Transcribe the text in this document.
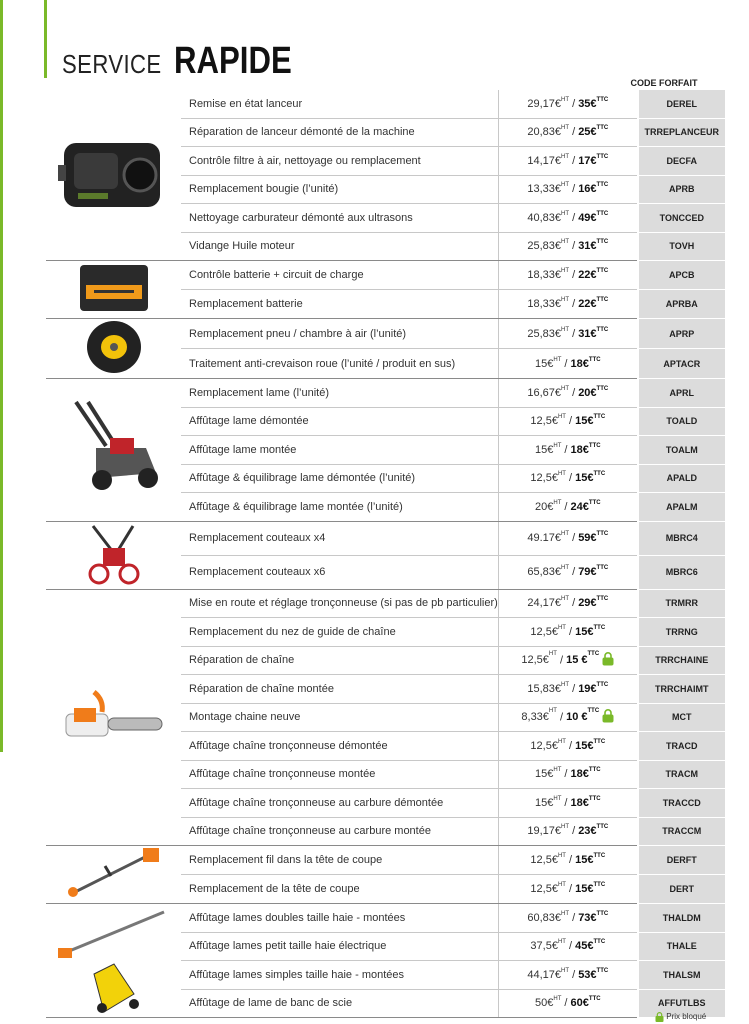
SERVICE RAPIDE
CODE FORFAIT
	Remise en état lanceur	29,17€$^{HT}$ / 35€$^{TTC}$	DEREL
	Réparation de lanceur démonté de la machine	20,83€$^{HT}$ / 25€$^{TTC}$	TRREPLANCEUR
	Contrôle filtre à air, nettoyage ou remplacement	14,17€$^{HT}$ / 17€$^{TTC}$	DECFA
	Remplacement bougie (l’unité)	13,33€$^{HT}$ / 16€$^{TTC}$	APRB
	Nettoyage carburateur démonté aux ultrasons	40,83€$^{HT}$ / 49€$^{TTC}$	TONCCED
	Vidange Huile moteur	25,83€$^{HT}$ / 31€$^{TTC}$	TOVH
	Contrôle batterie + circuit de charge	18,33€$^{HT}$ / 22€$^{TTC}$	APCB
	Remplacement batterie	18,33€$^{HT}$ / 22€$^{TTC}$	APRBA
	Remplacement pneu / chambre à air (l’unité)	25,83€$^{HT}$ / 31€$^{TTC}$	APRP
	Traitement anti-crevaison roue (l’unité / produit en sus)	15€$^{HT}$ / 18€$^{TTC}$	APTACR
	Remplacement lame (l’unité)	16,67€$^{HT}$ / 20€$^{TTC}$	APRL
	Affûtage lame démontée	12,5€$^{HT}$ / 15€$^{TTC}$	TOALD
	Affûtage lame montée	15€$^{HT}$ / 18€$^{TTC}$	TOALM
	Affûtage & équilibrage lame démontée (l’unité)	12,5€$^{HT}$ / 15€$^{TTC}$	APALD
	Affûtage & équilibrage lame montée (l’unité)	20€$^{HT}$ / 24€$^{TTC}$	APALM
	Remplacement couteaux x4	49.17€$^{HT}$ / 59€$^{TTC}$	MBRC4
	Remplacement couteaux x6	65,83€$^{HT}$ / 79€$^{TTC}$	MBRC6
	Mise en route et réglage tronçonneuse (si pas de pb particulier)	24,17€$^{HT}$ / 29€$^{TTC}$	TRMRR
	Remplacement du nez de guide de chaîne	12,5€$^{HT}$ / 15€$^{TTC}$	TRRNG
	Réparation de chaîne	12,5€$^{HT}$ / 15 €$^{TTC}$	TRRCHAINE
	Réparation de chaîne montée	15,83€$^{HT}$ / 19€$^{TTC}$	TRRCHAIMT
	Montage chaine neuve	8,33€$^{HT}$ / 10 €$^{TTC}$	MCT
	Affûtage chaîne tronçonneuse démontée	12,5€$^{HT}$ / 15€$^{TTC}$	TRACD
	Affûtage chaîne tronçonneuse montée	15€$^{HT}$ / 18€$^{TTC}$	TRACM
	Affûtage chaîne tronçonneuse au carbure démontée	15€$^{HT}$ / 18€$^{TTC}$	TRACCD
	Affûtage chaîne tronçonneuse au carbure montée	19,17€$^{HT}$ / 23€$^{TTC}$	TRACCM
	Remplacement fil dans la tête de coupe	12,5€$^{HT}$ / 15€$^{TTC}$	DERFT
	Remplacement de la tête de coupe	12,5€$^{HT}$ / 15€$^{TTC}$	DERT
	Affûtage lames doubles taille haie - montées	60,83€$^{HT}$ / 73€$^{TTC}$	THALDM
	Affûtage lames petit taille haie électrique	37,5€$^{HT}$ / 45€$^{TTC}$	THALE
	Affûtage lames simples taille haie - montées	44,17€$^{HT}$ / 53€$^{TTC}$	THALSM
	Affûtage de lame de banc de scie	50€$^{HT}$ / 60€$^{TTC}$	AFFUTLBS
Prix bloqué
